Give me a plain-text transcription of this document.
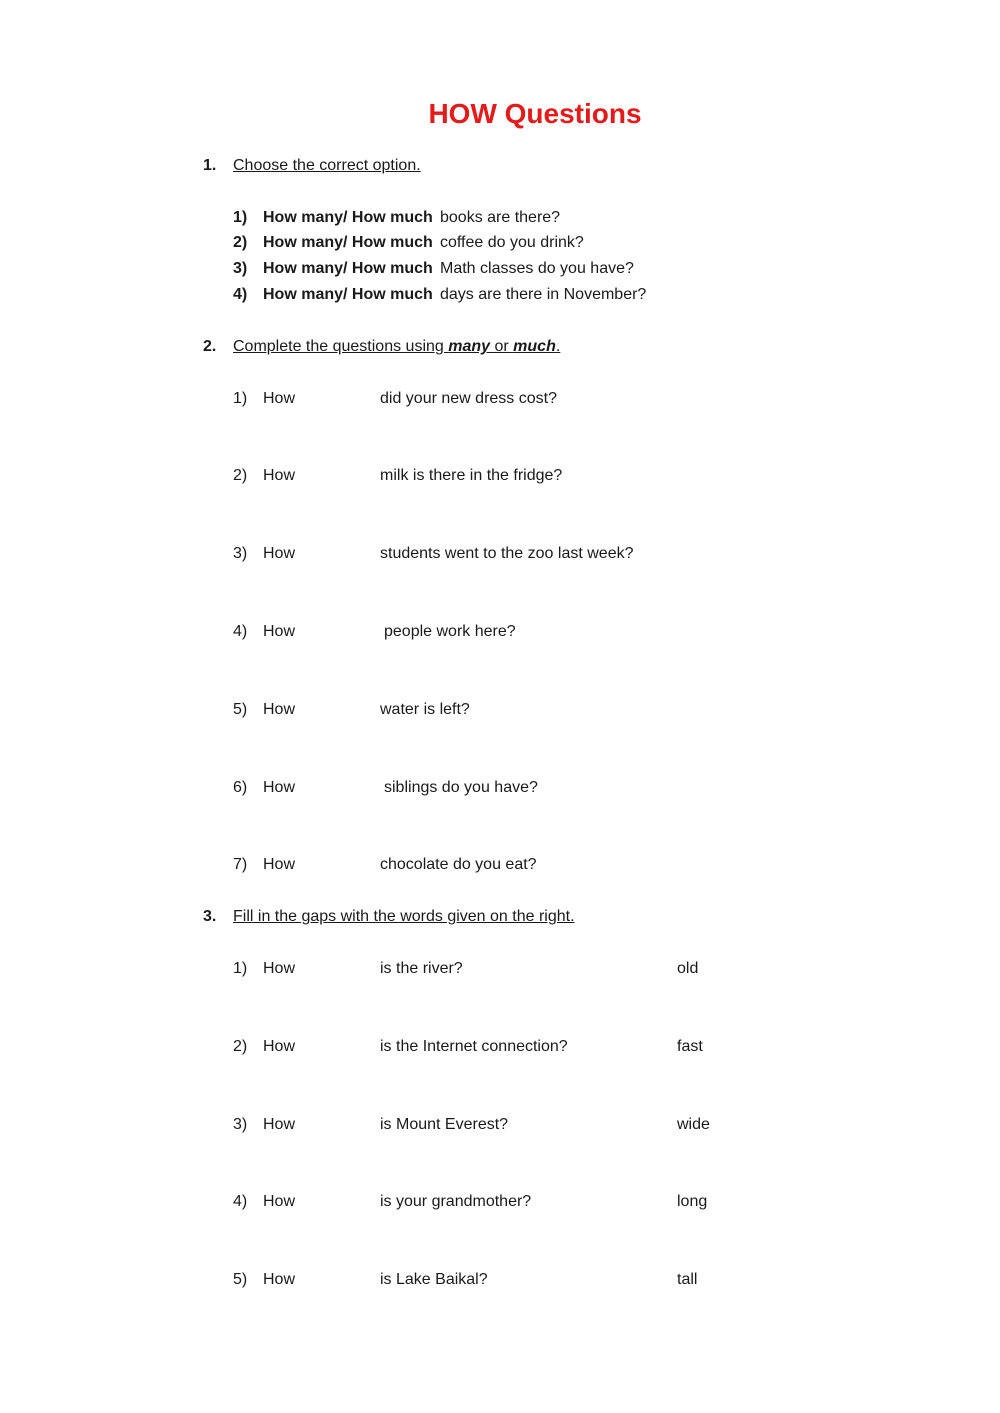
HOW Questions
1. Choose the correct option.
1) How many/ How much books are there?
2) How many/ How much coffee do you drink?
3) How many/ How much Math classes do you have?
4) How many/ How much days are there in November?
2. Complete the questions using many or much.
1) How	did your new dress cost?
2) How	milk is there in the fridge?
3) How	students went to the zoo last week?
4) How	people work here?
5) How	water is left?
6) How	siblings do you have?
7) How	chocolate do you eat?
3. Fill in the gaps with the words given on the right.
1) How	is the river?	old
2) How	is the Internet connection?	fast
3) How	is Mount Everest?	wide
4) How	is your grandmother?	long
5) How	is Lake Baikal?	tall
